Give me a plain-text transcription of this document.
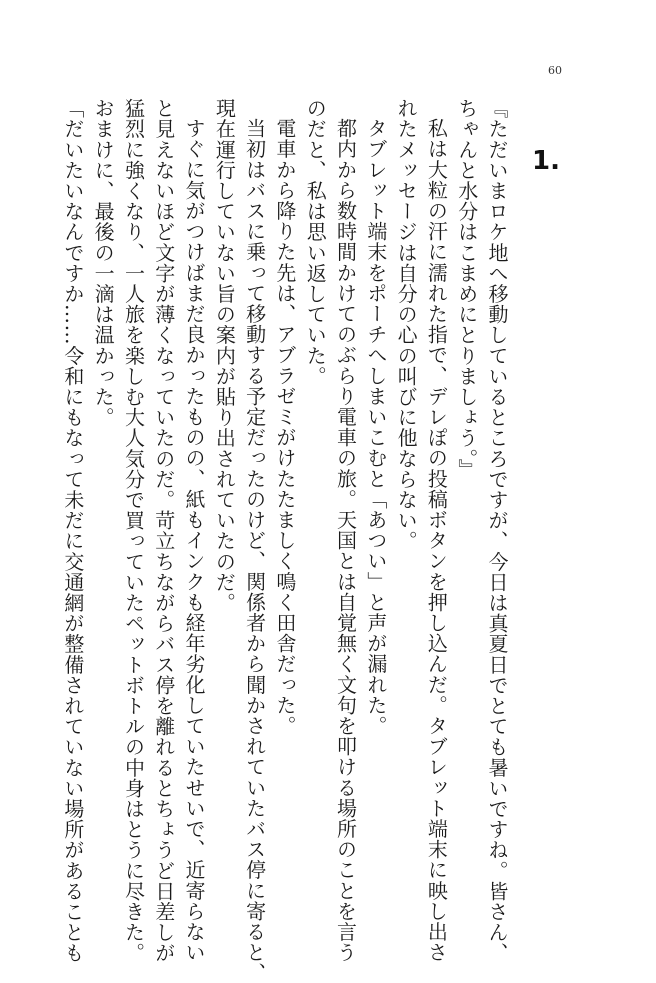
60
1.
『ただいまロケ地へ移動しているところですが、今日は真夏日でとても暑いですね。皆さん、
ちゃんと水分はこまめにとりましょう。』
私は大粒の汗に濡れた指で、デレぽの投稿ボタンを押し込んだ。タブレット端末に映し出さ
れたメッセージは自分の心の叫びに他ならない。
タブレット端末をポーチへしまいこむと「あつい」と声が漏れた。
都内から数時間かけてのぶらり電車の旅。天国とは自覚無く文句を叩ける場所のことを言う
のだと、私は思い返していた。
電車から降りた先は、アブラゼミがけたたましく鳴く田舎だった。
当初はバスに乗って移動する予定だったのけど、関係者から聞かされていたバス停に寄ると、
現在運行していない旨の案内が貼り出されていたのだ。
すぐに気がつけばまだ良かったものの、紙もインクも経年劣化していたせいで、近寄らない
と見えないほど文字が薄くなっていたのだ。苛立ちながらバス停を離れるとちょうど日差しが
猛烈に強くなり、一人旅を楽しむ大人気分で買っていたペットボトルの中身はとうに尽きた。
おまけに、最後の一滴は温かった。
「だいたいなんですか……令和にもなって未だに交通網が整備されていない場所があることも
